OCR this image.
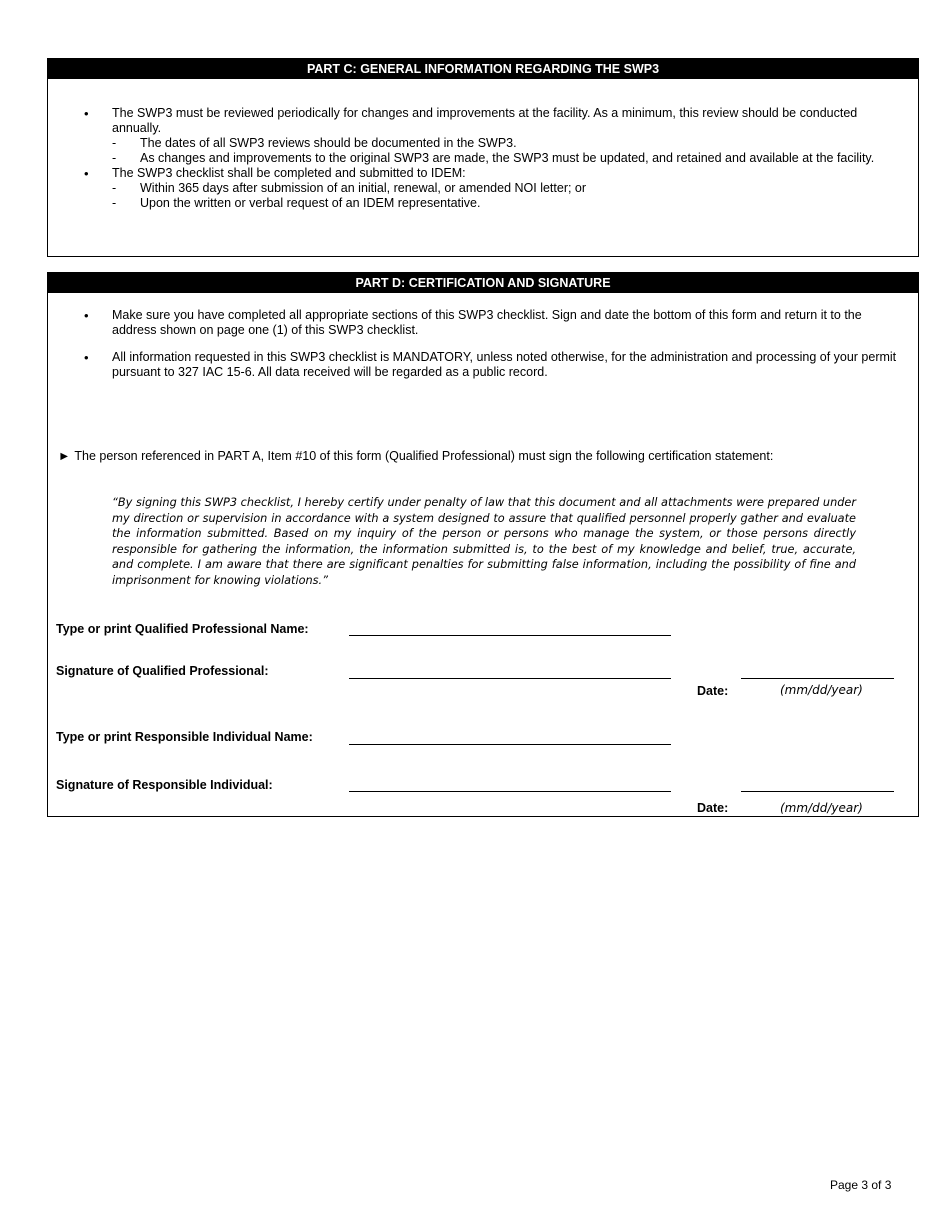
PART C: GENERAL INFORMATION REGARDING THE SWP3
• The SWP3 must be reviewed periodically for changes and improvements at the facility. As a minimum, this review should be conducted annually.
- The dates of all SWP3 reviews should be documented in the SWP3.
- As changes and improvements to the original SWP3 are made, the SWP3 must be updated, and retained and available at the facility.
• The SWP3 checklist shall be completed and submitted to IDEM:
- Within 365 days after submission of an initial, renewal, or amended NOI letter; or
- Upon the written or verbal request of an IDEM representative.
PART D: CERTIFICATION AND SIGNATURE
• Make sure you have completed all appropriate sections of this SWP3 checklist. Sign and date the bottom of this form and return it to the address shown on page one (1) of this SWP3 checklist.
• All information requested in this SWP3 checklist is MANDATORY, unless noted otherwise, for the administration and processing of your permit pursuant to 327 IAC 15-6. All data received will be regarded as a public record.
► The person referenced in PART A, Item #10 of this form (Qualified Professional) must sign the following certification statement:
“By signing this SWP3 checklist, I hereby certify under penalty of law that this document and all attachments were prepared under my direction or supervision in accordance with a system designed to assure that qualified personnel properly gather and evaluate the information submitted. Based on my inquiry of the person or persons who manage the system, or those persons directly responsible for gathering the information, the information submitted is, to the best of my knowledge and belief, true, accurate, and complete. I am aware that there are significant penalties for submitting false information, including the possibility of fine and imprisonment for knowing violations.”
Type or print Qualified Professional Name:
Signature of Qualified Professional:
Date:	(mm/dd/year)
Type or print Responsible Individual Name:
Signature of Responsible Individual:
Date:	(mm/dd/year)
Page 3 of 3
